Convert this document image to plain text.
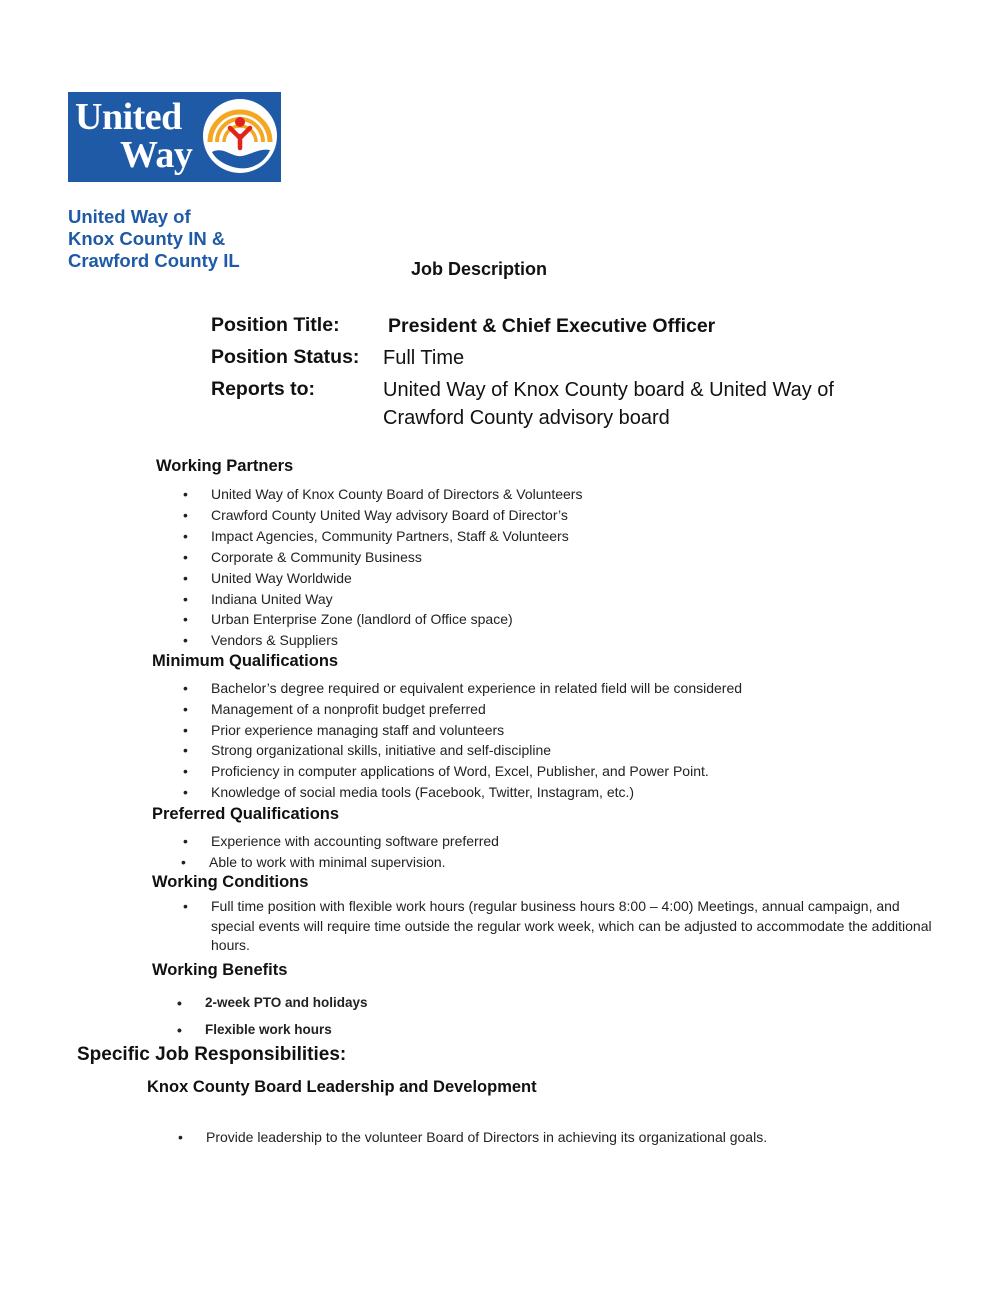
United
Way
United Way of
Knox County IN &
Crawford County IL	Job Description
Position Title: President & Chief Executive Officer
Position Status: Full Time
Reports to:	United Way of Knox County board & United Way of
Crawford County advisory board
Working Partners
• United Way of Knox County Board of Directors & Volunteers
• Crawford County United Way advisory Board of Director’s
• Impact Agencies, Community Partners, Staff & Volunteers
• Corporate & Community Business
• United Way Worldwide
• Indiana United Way
• Urban Enterprise Zone (landlord of Office space)
• Vendors & Suppliers
Minimum Qualifications
• Bachelor’s degree required or equivalent experience in related field will be considered
• Management of a nonprofit budget preferred
• Prior experience managing staff and volunteers
• Strong organizational skills, initiative and self-discipline
• Proficiency in computer applications of Word, Excel, Publisher, and Power Point.
• Knowledge of social media tools (Facebook, Twitter, Instagram, etc.)
Preferred Qualifications
• Experience with accounting software preferred
• Able to work with minimal supervision.
Working Conditions
• Full time position with flexible work hours (regular business hours 8:00 – 4:00) Meetings, annual campaign, and special events will require time outside the regular work week, which can be adjusted to accommodate the additional hours.
Working Benefits
• 2-week PTO and holidays
• Flexible work hours
Specific Job Responsibilities:
Knox County Board Leadership and Development
• Provide leadership to the volunteer Board of Directors in achieving its organizational goals.
